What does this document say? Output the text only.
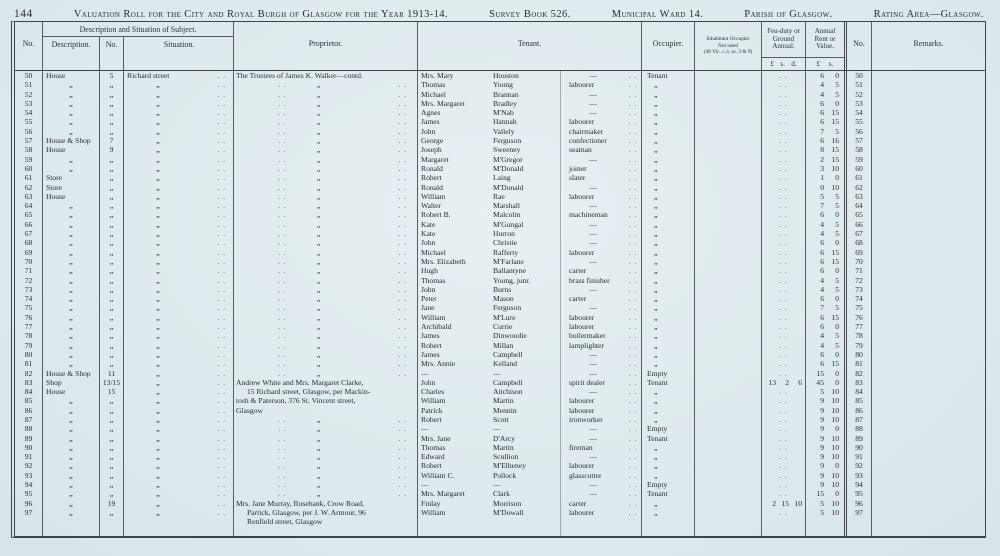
144	Valuation Roll for the City and Royal Burgh of Glasgow for the Year 1913-14.	Survey Book 526.	Municipal Ward 14.	Parish of Glasgow.	Rating Area—Glasgow.
No.
Description and Situation of Subject.
Description.	No.	Situation.	Proprietor.	Tenant.	Occupier.	Inhabitant Occupier
Not rated
(48 Vic. c.3, ss. 3 & 9)
Feu-duty or Ground Annual.
£ s. d.
Annual Rent or Value.
£ s.
No.	Remarks.
50	House	5	Richard street	. .	The Trustees of James K. Walker—contd.	Mrs. Mary	Houston	—	. .	Tenant	. .	6	0	50
51	„	„	„	. .	. .	„	. .	Thomas	Young	labourer	. .	„	. .	4	5	51
52	„	„	„	. .	. .	„	. .	Michael	Brannan	—	. .	„	. .	4	5	52
53	„	„	„	. .	. .	„	. .	Mrs. Margaret	Bradley	—	. .	„	. .	6	0	53
54	„	„	„	. .	. .	„	. .	Agnes	M'Nab	—	. .	„	. .	6 15	54
55	„	„	„	. .	. .	„	. .	James	Hannah	labourer	. .	„	. .	6 15	55
56	„	„	„	. .	. .	„	. .	John	Vallely	chairmaker	. .	„	. .	7	5	56
57	House & Shop	7	„	. .	. .	„	. .	George	Ferguson	confectioner	. .	„	. .	6 16	57
58	House	9	„	. .	. .	„	. .	Joseph	Sweeney	seaman	. .	„	. .	8 15	58
59	„	„	„	. .	. .	„	. .	Margaret	M'Gregor	—	. .	„	. .	2 15	59
60	„	„	„	. .	. .	„	. .	Ronald	M'Donald	joiner	. .	„	. .	3 10	60
61	Store	„	„	. .	. .	„	. .	Robert	Laing	slater	. .	„	. .	1	0	61
62	Store	„	„	. .	. .	„	. .	Ronald	M'Donald	—	. .	„	. .	0 10	62
63	House	„	„	. .	. .	„	. .	William	Rae	labourer	. .	„	. .	5	5	63
64	„	„	„	. .	. .	„	. .	Walter	Marshall	—	. .	„	. .	7	5	64
65	„	„	„	. .	. .	„	. .	Robert B.	Malcolm	machineman	. .	„	. .	6	0	65
66	„	„	„	. .	. .	„	. .	Kate	M'Gungal	—	. .	„	. .	4	5	66
67	„	„	„	. .	. .	„	. .	Kate	Hurron	—	. .	„	. .	4	5	67
68	„	„	„	. .	. .	„	. .	John	Christie	—	. .	„	. .	6	0	68
69	„	„	„	. .	. .	„	. .	Michael	Rafferty	labourer	. .	„	. .	6 15	69
70	„	„	„	. .	. .	„	. .	Mrs. Elizabeth	M'Farlane	—	. .	„	. .	6 15	70
71	„	„	„	. .	. .	„	. .	Hugh	Ballantyne	carter	. .	„	. .	6	0	71
72	„	„	„	. .	. .	„	. .	Thomas	Young, junr.	brass finisher	. .	„	. .	4	5	72
73	„	„	„	. .	. .	„	. .	John	Burns	—	. .	„	. .	4	5	73
74	„	„	„	. .	. .	„	. .	Peter	Mason	carter	. .	„	. .	6	0	74
75	„	„	„	. .	. .	„	. .	Jane	Ferguson	—	. .	„	. .	7	5	75
76	„	„	„	. .	. .	„	. .	William	M'Lure	labourer	. .	„	. .	6 15	76
77	„	„	„	. .	. .	„	. .	Archibald	Currie	labourer	. .	„	. .	6	0	77
78	„	„	„	. .	. .	„	. .	James	Dinwoodie	boilermaker	. .	„	. .	4	5	78
79	„	„	„	. .	. .	„	. .	Robert	Millan	lamplighter	. .	„	. .	4	5	79
80	„	„	„	. .	. .	„	. .	James	Campbell	—	. .	„	. .	6	0	80
81	„	„	„	. .	. .	„	. .	Mrs. Annie	Kelland	—	. .	„	. .	6 15	81
82	House & Shop	11	„	. .	. .	„	. .	—	—	—	. .	Empty	. .	15	0	82
83	Shop	13/15	„	. .	Andrew White and Mrs. Margaret Clarke,	John	Campbell	spirit dealer	. .	Tenant	13	2	6	45	0	83
84	House	15	„	. .	15 Richard street, Glasgow, per Mackin-	Charles	Aitchison	—	. .	„	. .	5 10	84
85	„	„	„	. .	tosh & Paterson, 376 St. Vincent street,	William	Martin	labourer	. .	„	. .	9 10	85
86	„	„	„	. .	Glasgow	Patrick	Mennin	labourer	. .	„	. .	9 10	86
87	„	„	„	. .	. .	„	. .	Robert	Scott	ironworker	. .	„	. .	9 10	87
88	„	„	„	. .	. .	„	. .	—	—	—	. .	Empty	. .	9	0	88
89	„	„	„	. .	. .	„	. .	Mrs. Jane	D'Arcy	—	. .	Tenant	. .	9 10	89
90	„	„	„	. .	. .	„	. .	Thomas	Martin	fireman	. .	„	. .	9 10	90
91	„	„	„	. .	. .	„	. .	Edward	Scullion	—	. .	„	. .	9 10	91
92	„	„	„	. .	. .	„	. .	Robert	M'Elheney	labourer	. .	„	. .	9	0	92
93	„	„	„	. .	. .	„	. .	William C.	Pollock	glasscutter	. .	„	. .	9 10	93
94	„	„	„	. .	. .	„	. .	—	—	—	. .	Empty	. .	9 10	94
95	„	„	„	. .	. .	„	. .	Mrs. Margaret	Clark	—	. .	Tenant	. .	15	0	95
96	„	19	„	. .	Mrs. Jane Murray, Rosebank, Crow Road,	Finlay	Morrison	carter	. .	„	2 15 10	5 10	96
97	„	„	„	. .	Partick, Glasgow, per J. W. Armour, 96	William	M'Dowall	labourer	. .	„	. .	5 10	97
Renfield street, Glasgow
